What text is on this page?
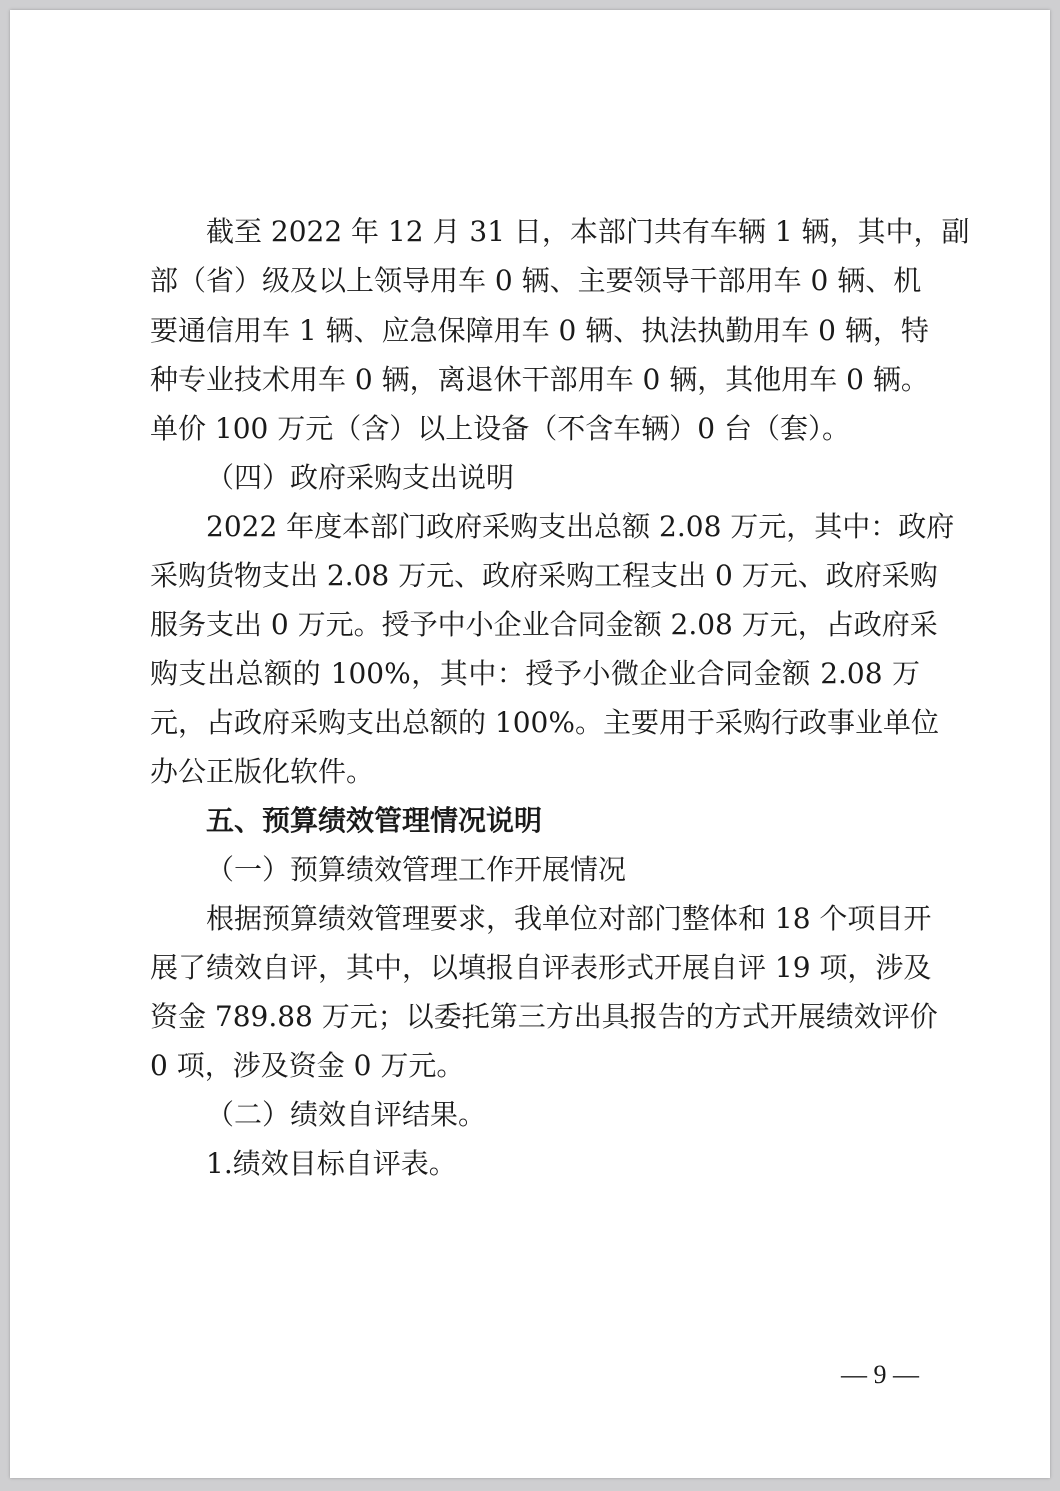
截至 2022 年 12 月 31 日，本部门共有车辆 1 辆，其中，副
部（省）级及以上领导用车 0 辆、主要领导干部用车 0 辆、机
要通信用车 1 辆、应急保障用车 0 辆、执法执勤用车 0 辆，特
种专业技术用车 0 辆，离退休干部用车 0 辆，其他用车 0 辆。
单价 100 万元（含）以上设备（不含车辆）0 台（套）。
（四）政府采购支出说明
2022 年度本部门政府采购支出总额 2.08 万元，其中：政府
采购货物支出 2.08 万元、政府采购工程支出 0 万元、政府采购
服务支出 0 万元。授予中小企业合同金额 2.08 万元，占政府采
购支出总额的 100%，其中：授予小微企业合同金额 2.08 万
元，占政府采购支出总额的 100%。主要用于采购行政事业单位
办公正版化软件。
五、预算绩效管理情况说明
（一）预算绩效管理工作开展情况
根据预算绩效管理要求，我单位对部门整体和 18 个项目开
展了绩效自评，其中，以填报自评表形式开展自评 19 项，涉及
资金 789.88 万元；以委托第三方出具报告的方式开展绩效评价
0 项，涉及资金 0 万元。
（二）绩效自评结果。
1.绩效目标自评表。
— 9 —
